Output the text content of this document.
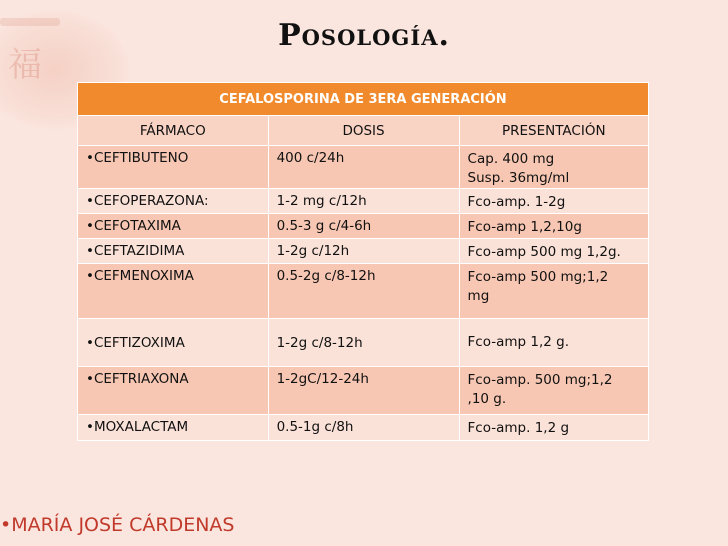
福
Posología.
CEFALOSPORINA DE 3ERA GENERACIÓN		
FÁRMACO	DOSIS	PRESENTACIÓN
•CEFTIBUTENO	400 c/24h	Cap. 400 mg
Susp. 36mg/ml

•CEFOPERAZONA:	1-2 mg c/12h	Fco-amp. 1-2g

•CEFOTAXIMA	0.5-3 g c/4-6h	Fco-amp 1,2,10g

•CEFTAZIDIMA	1-2g c/12h	Fco-amp 500 mg 1,2g.

•CEFMENOXIMA	0.5-2g c/8-12h	Fco-amp 500 mg;1,2
mg

•CEFTIZOXIMA	1-2g c/8-12h	Fco-amp 1,2 g.

•CEFTRIAXONA	1-2gC/12-24h	Fco-amp. 500 mg;1,2
,10 g.

•MOXALACTAM	0.5-1g c/8h	Fco-amp. 1,2 g
•MARÍA JOSÉ CÁRDENAS
